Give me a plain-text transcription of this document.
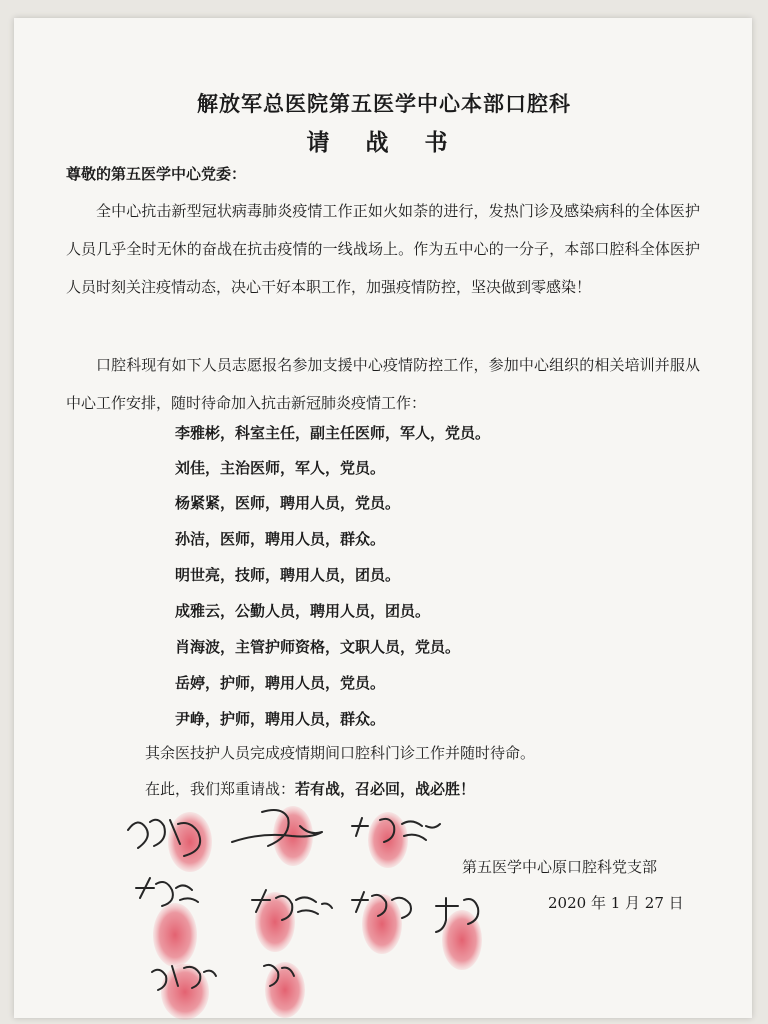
解放军总医院第五医学中心本部口腔科
请 战 书
尊敬的第五医学中心党委：
全中心抗击新型冠状病毒肺炎疫情工作正如火如荼的进行，发热门诊及感染病科的全体医护人员几乎全时无休的奋战在抗击疫情的一线战场上。作为五中心的一分子，本部口腔科全体医护人员时刻关注疫情动态，决心干好本职工作，加强疫情防控，坚决做到零感染！
口腔科现有如下人员志愿报名参加支援中心疫情防控工作，参加中心组织的相关培训并服从中心工作安排，随时待命加入抗击新冠肺炎疫情工作：
李雅彬，科室主任，副主任医师，军人，党员。
刘佳，主治医师，军人，党员。
杨紧紧，医师，聘用人员，党员。
孙洁，医师，聘用人员，群众。
明世亮，技师，聘用人员，团员。
成雅云，公勤人员，聘用人员，团员。
肖海波，主管护师资格，文职人员，党员。
岳婷，护师，聘用人员，党员。
尹峥，护师，聘用人员，群众。
其余医技护人员完成疫情期间口腔科门诊工作并随时待命。
在此，我们郑重请战：若有战，召必回，战必胜！
第五医学中心原口腔科党支部
2020 年 1 月 27 日
